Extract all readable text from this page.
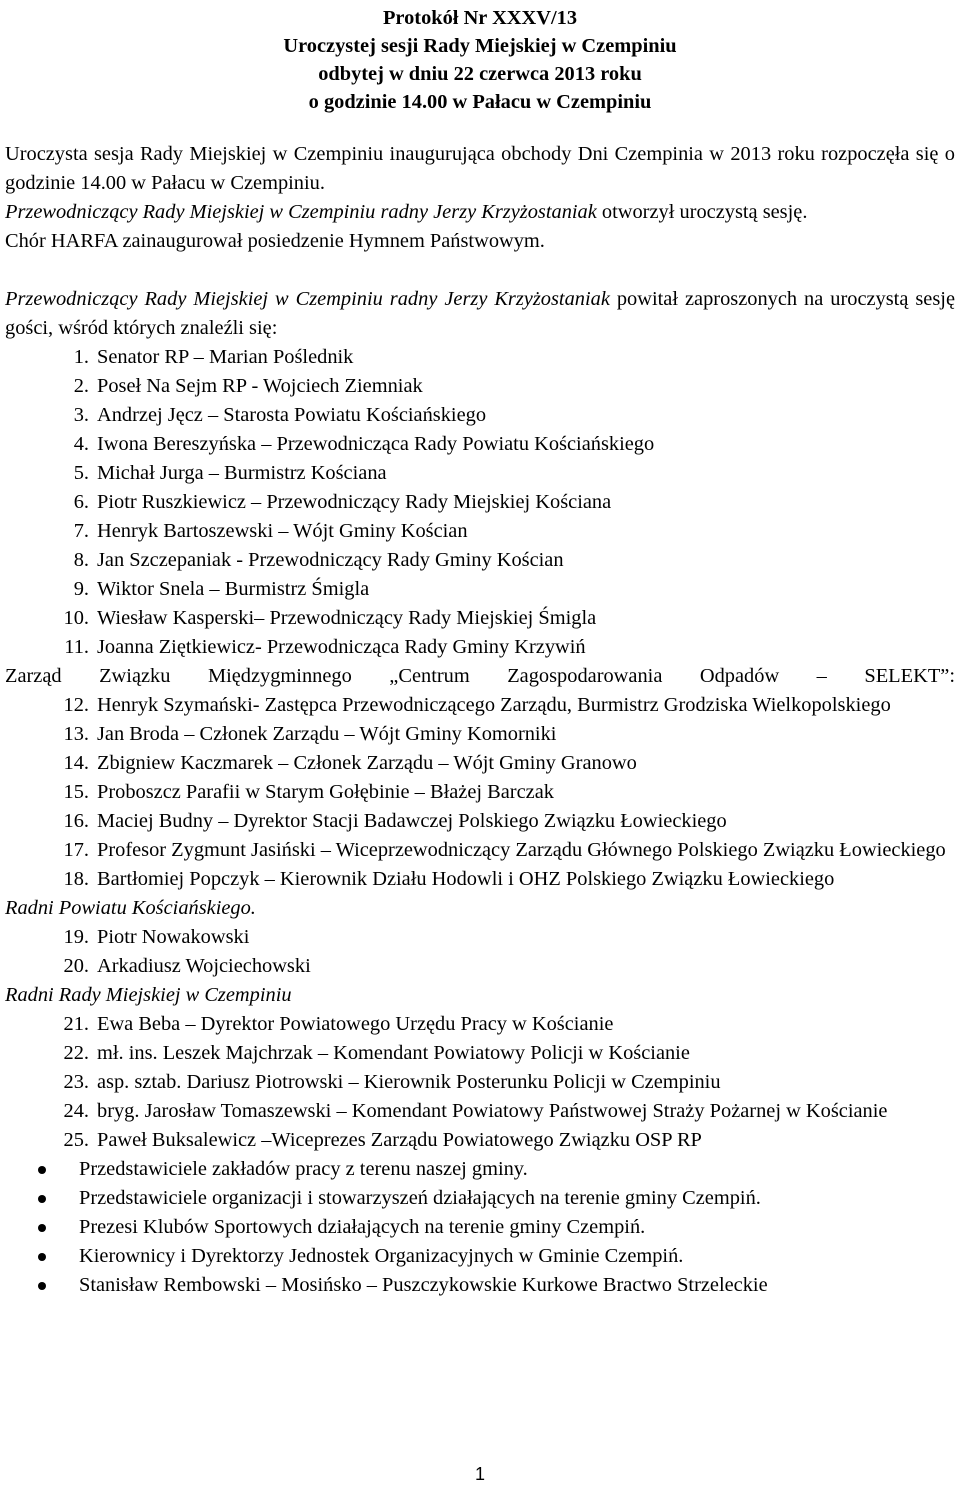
Protokół Nr XXXV/13
Uroczystej sesji Rady Miejskiej w Czempiniu
odbytej w dniu 22 czerwca 2013 roku
o godzinie 14.00 w Pałacu w Czempiniu
Uroczysta sesja Rady Miejskiej w Czempiniu inaugurująca obchody Dni Czempinia w 2013 roku rozpoczęła się o godzinie 14.00 w Pałacu w Czempiniu.
Przewodniczący Rady Miejskiej w Czempiniu radny Jerzy Krzyżostaniak otworzył uroczystą sesję.
Chór HARFA zainaugurował posiedzenie Hymnem Państwowym.
Przewodniczący Rady Miejskiej w Czempiniu radny Jerzy Krzyżostaniak powitał zaproszonych na uroczystą sesję gości, wśród których znaleźli się:
1. Senator RP – Marian Poślednik
2. Poseł Na Sejm RP - Wojciech Ziemniak
3. Andrzej Jęcz – Starosta Powiatu Kościańskiego
4. Iwona Bereszyńska – Przewodnicząca Rady Powiatu Kościańskiego
5. Michał Jurga – Burmistrz Kościana
6. Piotr Ruszkiewicz – Przewodniczący Rady Miejskiej Kościana
7. Henryk Bartoszewski – Wójt Gminy Kościan
8. Jan Szczepaniak - Przewodniczący Rady Gminy Kościan
9. Wiktor Snela – Burmistrz Śmigla
10. Wiesław Kasperski– Przewodniczący Rady Miejskiej Śmigla
11. Joanna Ziętkiewicz- Przewodnicząca Rady Gminy Krzywiń
Zarząd Związku Międzygminnego „Centrum Zagospodarowania Odpadów – SELEKT”:
12. Henryk Szymański- Zastępca Przewodniczącego Zarządu, Burmistrz Grodziska Wielkopolskiego
13. Jan Broda – Członek Zarządu – Wójt Gminy Komorniki
14. Zbigniew Kaczmarek – Członek Zarządu – Wójt Gminy Granowo
15. Proboszcz Parafii w Starym Gołębinie – Błażej Barczak
16. Maciej Budny – Dyrektor Stacji Badawczej Polskiego Związku Łowieckiego
17. Profesor Zygmunt Jasiński – Wiceprzewodniczący Zarządu Głównego Polskiego Związku Łowieckiego
18. Bartłomiej Popczyk – Kierownik Działu Hodowli i OHZ Polskiego Związku Łowieckiego
Radni Powiatu Kościańskiego.
19. Piotr Nowakowski
20. Arkadiusz Wojciechowski
Radni Rady Miejskiej w Czempiniu
21. Ewa Beba – Dyrektor Powiatowego Urzędu Pracy w Kościanie
22. mł. ins. Leszek Majchrzak – Komendant Powiatowy Policji w Kościanie
23. asp. sztab. Dariusz Piotrowski – Kierownik Posterunku Policji w Czempiniu
24. bryg. Jarosław Tomaszewski – Komendant Powiatowy Państwowej Straży Pożarnej w Kościanie
25. Paweł Buksalewicz –Wiceprezes Zarządu Powiatowego Związku OSP RP
Przedstawiciele zakładów pracy z terenu naszej gminy.
Przedstawiciele organizacji i stowarzyszeń działających na terenie gminy Czempiń.
Prezesi Klubów Sportowych działających na terenie gminy Czempiń.
Kierownicy i Dyrektorzy Jednostek Organizacyjnych w Gminie Czempiń.
Stanisław Rembowski – Mosińsko – Puszczykowskie Kurkowe Bractwo Strzeleckie
1
